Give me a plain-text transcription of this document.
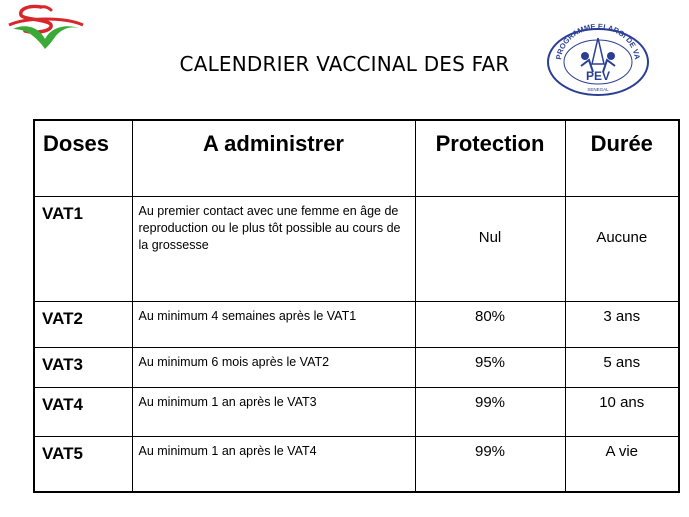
CALENDRIER VACCINAL DES FAR	PROGRAMME ELARGI DE VA
PEV
SENEGAL
Doses	A administrer	Protection	Durée
VAT1	Au premier contact avec une femme en âge de reproduction ou le plus tôt possible au cours de la grossesse	Nul	Aucune
VAT2	Au minimum 4 semaines après le VAT1	80%	3 ans
VAT3	Au minimum 6 mois après le VAT2	95%	5 ans
VAT4	Au minimum 1 an après le VAT3	99%	10 ans
VAT5	Au minimum 1 an après le VAT4	99%	A vie
